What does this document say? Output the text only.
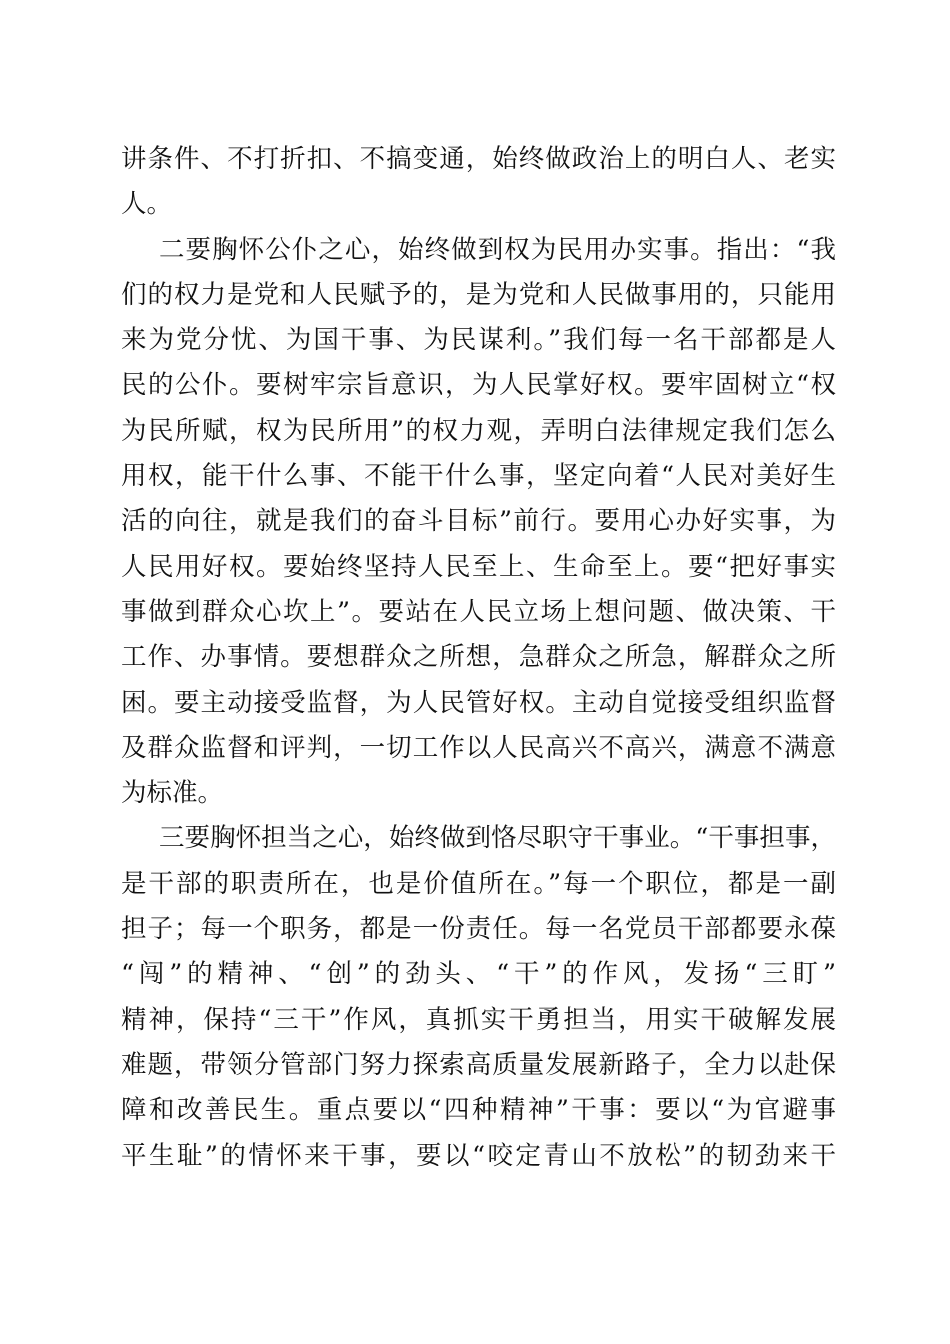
讲条件、不打折扣、不搞变通，始终做政治上的明白人、老实
人。
二要胸怀公仆之心，始终做到权为民用办实事。指出：“我
们的权力是党和人民赋予的，是为党和人民做事用的，只能用
来为党分忧、为国干事、为民谋利。”我们每一名干部都是人
民的公仆。要树牢宗旨意识，为人民掌好权。要牢固树立“权
为民所赋，权为民所用”的权力观，弄明白法律规定我们怎么
用权，能干什么事、不能干什么事，坚定向着“人民对美好生
活的向往，就是我们的奋斗目标”前行。要用心办好实事，为
人民用好权。要始终坚持人民至上、生命至上。要“把好事实
事做到群众心坎上”。要站在人民立场上想问题、做决策、干
工作、办事情。要想群众之所想，急群众之所急，解群众之所
困。要主动接受监督，为人民管好权。主动自觉接受组织监督
及群众监督和评判，一切工作以人民高兴不高兴，满意不满意
为标准。
三要胸怀担当之心，始终做到恪尽职守干事业。“干事担事，
是干部的职责所在，也是价值所在。”每一个职位，都是一副
担子；每一个职务，都是一份责任。每一名党员干部都要永葆
“闯”的精神、“创”的劲头、“干”的作风，发扬“三盯”
精神，保持“三干”作风，真抓实干勇担当，用实干破解发展
难题，带领分管部门努力探索高质量发展新路子，全力以赴保
障和改善民生。重点要以“四种精神”干事：要以“为官避事
平生耻”的情怀来干事，要以“咬定青山不放松”的韧劲来干
